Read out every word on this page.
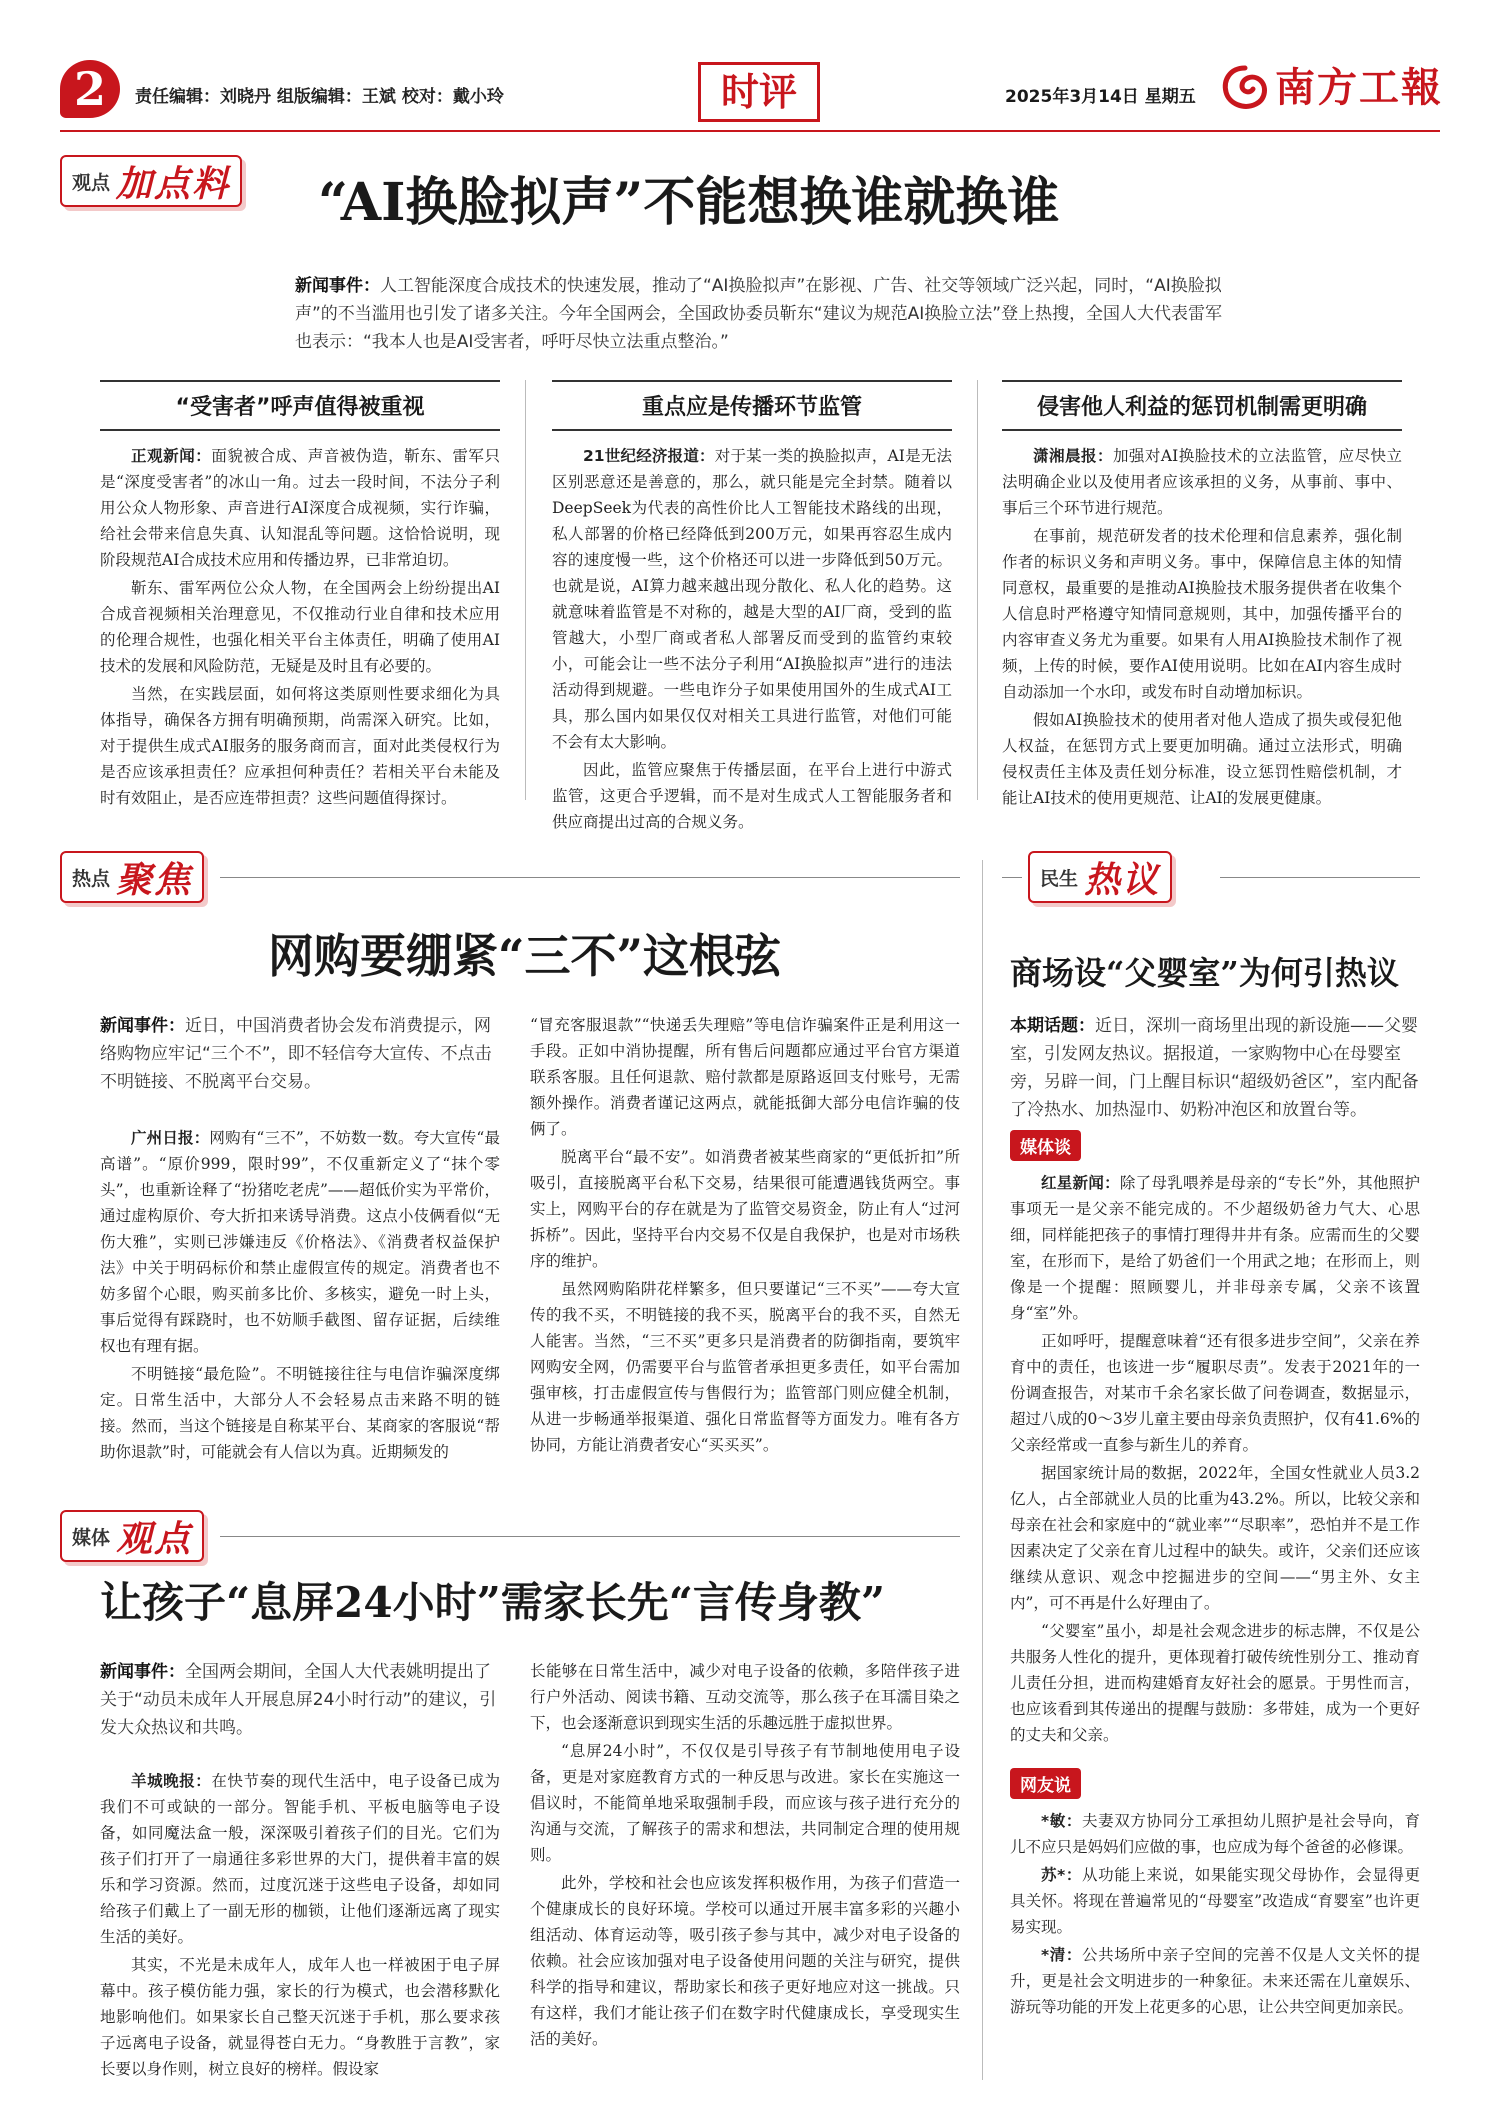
2	责任编辑：刘晓丹 组版编辑：王斌 校对：戴小玲	时评	2025年3月14日 星期五 南方工報
观点 加点料 “AI换脸拟声”不能想换谁就换谁
新闻事件：人工智能深度合成技术的快速发展，推动了“AI换脸拟声”在影视、广告、社交等领域广泛兴起，同时，“AI换脸拟声”的不当滥用也引发了诸多关注。今年全国两会，全国政协委员靳东“建议为规范AI换脸立法”登上热搜，全国人大代表雷军也表示：“我本人也是AI受害者，呼吁尽快立法重点整治。”
“受害者”呼声值得被重视

正观新闻：面貌被合成、声音被伪造，靳东、雷军只是“深度受害者”的冰山一角。过去一段时间，不法分子利用公众人物形象、声音进行AI深度合成视频，实行诈骗，给社会带来信息失真、认知混乱等问题。这恰恰说明，现阶段规范AI合成技术应用和传播边界，已非常迫切。

靳东、雷军两位公众人物，在全国两会上纷纷提出AI合成音视频相关治理意见，不仅推动行业自律和技术应用的伦理合规性，也强化相关平台主体责任，明确了使用AI技术的发展和风险防范，无疑是及时且有必要的。

当然，在实践层面，如何将这类原则性要求细化为具体指导，确保各方拥有明确预期，尚需深入研究。比如，对于提供生成式AI服务的服务商而言，面对此类侵权行为是否应该承担责任？应承担何种责任？若相关平台未能及时有效阻止，是否应连带担责？这些问题值得探讨。

重点应是传播环节监管

21世纪经济报道：对于某一类的换脸拟声，AI是无法区别恶意还是善意的，那么，就只能是完全封禁。随着以DeepSeek为代表的高性价比人工智能技术路线的出现，私人部署的价格已经降低到200万元，如果再容忍生成内容的速度慢一些，这个价格还可以进一步降低到50万元。也就是说，AI算力越来越出现分散化、私人化的趋势。这就意味着监管是不对称的，越是大型的AI厂商，受到的监管越大，小型厂商或者私人部署反而受到的监管约束较小，可能会让一些不法分子利用“AI换脸拟声”进行的违法活动得到规避。一些电诈分子如果使用国外的生成式AI工具，那么国内如果仅仅对相关工具进行监管，对他们可能不会有太大影响。

因此，监管应聚焦于传播层面，在平台上进行中游式监管，这更合乎逻辑，而不是对生成式人工智能服务者和供应商提出过高的合规义务。

侵害他人利益的惩罚机制需更明确

潇湘晨报：加强对AI换脸技术的立法监管，应尽快立法明确企业以及使用者应该承担的义务，从事前、事中、事后三个环节进行规范。

在事前，规范研发者的技术伦理和信息素养，强化制作者的标识义务和声明义务。事中，保障信息主体的知情同意权，最重要的是推动AI换脸技术服务提供者在收集个人信息时严格遵守知情同意规则，其中，加强传播平台的内容审查义务尤为重要。如果有人用AI换脸技术制作了视频，上传的时候，要作AI使用说明。比如在AI内容生成时自动添加一个水印，或发布时自动增加标识。

假如AI换脸技术的使用者对他人造成了损失或侵犯他人权益，在惩罚方式上要更加明确。通过立法形式，明确侵权责任主体及责任划分标准，设立惩罚性赔偿机制，才能让AI技术的使用更规范、让AI的发展更健康。

热点 聚焦
网购要绷紧“三不”这根弦
新闻事件：近日，中国消费者协会发布消费提示，网络购物应牢记“三个不”，即不轻信夸大宣传、不点击不明链接、不脱离平台交易。

广州日报：网购有“三不”，不妨数一数。夸大宣传“最高谱”。“原价999，限时99”，不仅重新定义了“抹个零头”，也重新诠释了“扮猪吃老虎”——超低价实为平常价，通过虚构原价、夸大折扣来诱导消费。这点小伎俩看似“无伤大雅”，实则已涉嫌违反《价格法》、《消费者权益保护法》中关于明码标价和禁止虚假宣传的规定。消费者也不妨多留个心眼，购买前多比价、多核实，避免一时上头，事后觉得有踩跷时，也不妨顺手截图、留存证据，后续维权也有理有据。

不明链接“最危险”。不明链接往往与电信诈骗深度绑定。日常生活中，大部分人不会轻易点击来路不明的链接。然而，当这个链接是自称某平台、某商家的客服说“帮助你退款”时，可能就会有人信以为真。近期频发的

“冒充客服退款”“快递丢失理赔”等电信诈骗案件正是利用这一手段。正如中消协提醒，所有售后问题都应通过平台官方渠道联系客服。且任何退款、赔付款都是原路返回支付账号，无需额外操作。消费者谨记这两点，就能抵御大部分电信诈骗的伎俩了。

脱离平台“最不安”。如消费者被某些商家的“更低折扣”所吸引，直接脱离平台私下交易，结果很可能遭遇钱货两空。事实上，网购平台的存在就是为了监管交易资金，防止有人“过河拆桥”。因此，坚持平台内交易不仅是自我保护，也是对市场秩序的维护。

虽然网购陷阱花样繁多，但只要谨记“三不买”——夸大宣传的我不买，不明链接的我不买，脱离平台的我不买，自然无人能害。当然，“三不买”更多只是消费者的防御指南，要筑牢网购安全网，仍需要平台与监管者承担更多责任，如平台需加强审核，打击虚假宣传与售假行为；监管部门则应健全机制，从进一步畅通举报渠道、强化日常监督等方面发力。唯有各方协同，方能让消费者安心“买买买”。

媒体 观点
让孩子“息屏24小时”需家长先“言传身教”
新闻事件：全国两会期间，全国人大代表姚明提出了关于“动员未成年人开展息屏24小时行动”的建议，引发大众热议和共鸣。

羊城晚报：在快节奏的现代生活中，电子设备已成为我们不可或缺的一部分。智能手机、平板电脑等电子设备，如同魔法盒一般，深深吸引着孩子们的目光。它们为孩子们打开了一扇通往多彩世界的大门，提供着丰富的娱乐和学习资源。然而，过度沉迷于这些电子设备，却如同给孩子们戴上了一副无形的枷锁，让他们逐渐远离了现实生活的美好。

其实，不光是未成年人，成年人也一样被困于电子屏幕中。孩子模仿能力强，家长的行为模式，也会潜移默化地影响他们。如果家长自己整天沉迷于手机，那么要求孩子远离电子设备，就显得苍白无力。“身教胜于言教”，家长要以身作则，树立良好的榜样。假设家

长能够在日常生活中，减少对电子设备的依赖，多陪伴孩子进行户外活动、阅读书籍、互动交流等，那么孩子在耳濡目染之下，也会逐渐意识到现实生活的乐趣远胜于虚拟世界。

“息屏24小时”，不仅仅是引导孩子有节制地使用电子设备，更是对家庭教育方式的一种反思与改进。家长在实施这一倡议时，不能简单地采取强制手段，而应该与孩子进行充分的沟通与交流，了解孩子的需求和想法，共同制定合理的使用规则。

此外，学校和社会也应该发挥积极作用，为孩子们营造一个健康成长的良好环境。学校可以通过开展丰富多彩的兴趣小组活动、体育运动等，吸引孩子参与其中，减少对电子设备的依赖。社会应该加强对电子设备使用问题的关注与研究，提供科学的指导和建议，帮助家长和孩子更好地应对这一挑战。只有这样，我们才能让孩子们在数字时代健康成长，享受现实生活的美好。

民生 热议
商场设“父婴室”为何引热议
本期话题：近日，深圳一商场里出现的新设施——父婴室，引发网友热议。据报道，一家购物中心在母婴室旁，另辟一间，门上醒目标识“超级奶爸区”，室内配备了冷热水、加热湿巾、奶粉冲泡区和放置台等。
媒体谈

红星新闻：除了母乳喂养是母亲的“专长”外，其他照护事项无一是父亲不能完成的。不少超级奶爸力气大、心思细，同样能把孩子的事情打理得井井有条。应需而生的父婴室，在形而下，是给了奶爸们一个用武之地；在形而上，则像是一个提醒：照顾婴儿，并非母亲专属，父亲不该置身“室”外。

正如呼吁，提醒意味着“还有很多进步空间”，父亲在养育中的责任，也该进一步“履职尽责”。发表于2021年的一份调查报告，对某市千余名家长做了问卷调查，数据显示，超过八成的0～3岁儿童主要由母亲负责照护，仅有41.6%的父亲经常或一直参与新生儿的养育。

据国家统计局的数据，2022年，全国女性就业人员3.2亿人，占全部就业人员的比重为43.2%。所以，比较父亲和母亲在社会和家庭中的“就业率”“尽职率”，恐怕并不是工作因素决定了父亲在育儿过程中的缺失。或许，父亲们还应该继续从意识、观念中挖掘进步的空间——“男主外、女主内”，可不再是什么好理由了。

“父婴室”虽小，却是社会观念进步的标志牌，不仅是公共服务人性化的提升，更体现着打破传统性别分工、推动育儿责任分担，进而构建婚育友好社会的愿景。于男性而言，也应该看到其传递出的提醒与鼓励：多带娃，成为一个更好的丈夫和父亲。

网友说

*敏：夫妻双方协同分工承担幼儿照护是社会导向，育儿不应只是妈妈们应做的事，也应成为每个爸爸的必修课。

苏*：从功能上来说，如果能实现父母协作，会显得更具关怀。将现在普遍常见的“母婴室”改造成“育婴室”也许更易实现。

*清：公共场所中亲子空间的完善不仅是人文关怀的提升，更是社会文明进步的一种象征。未来还需在儿童娱乐、游玩等功能的开发上花更多的心思，让公共空间更加亲民。
